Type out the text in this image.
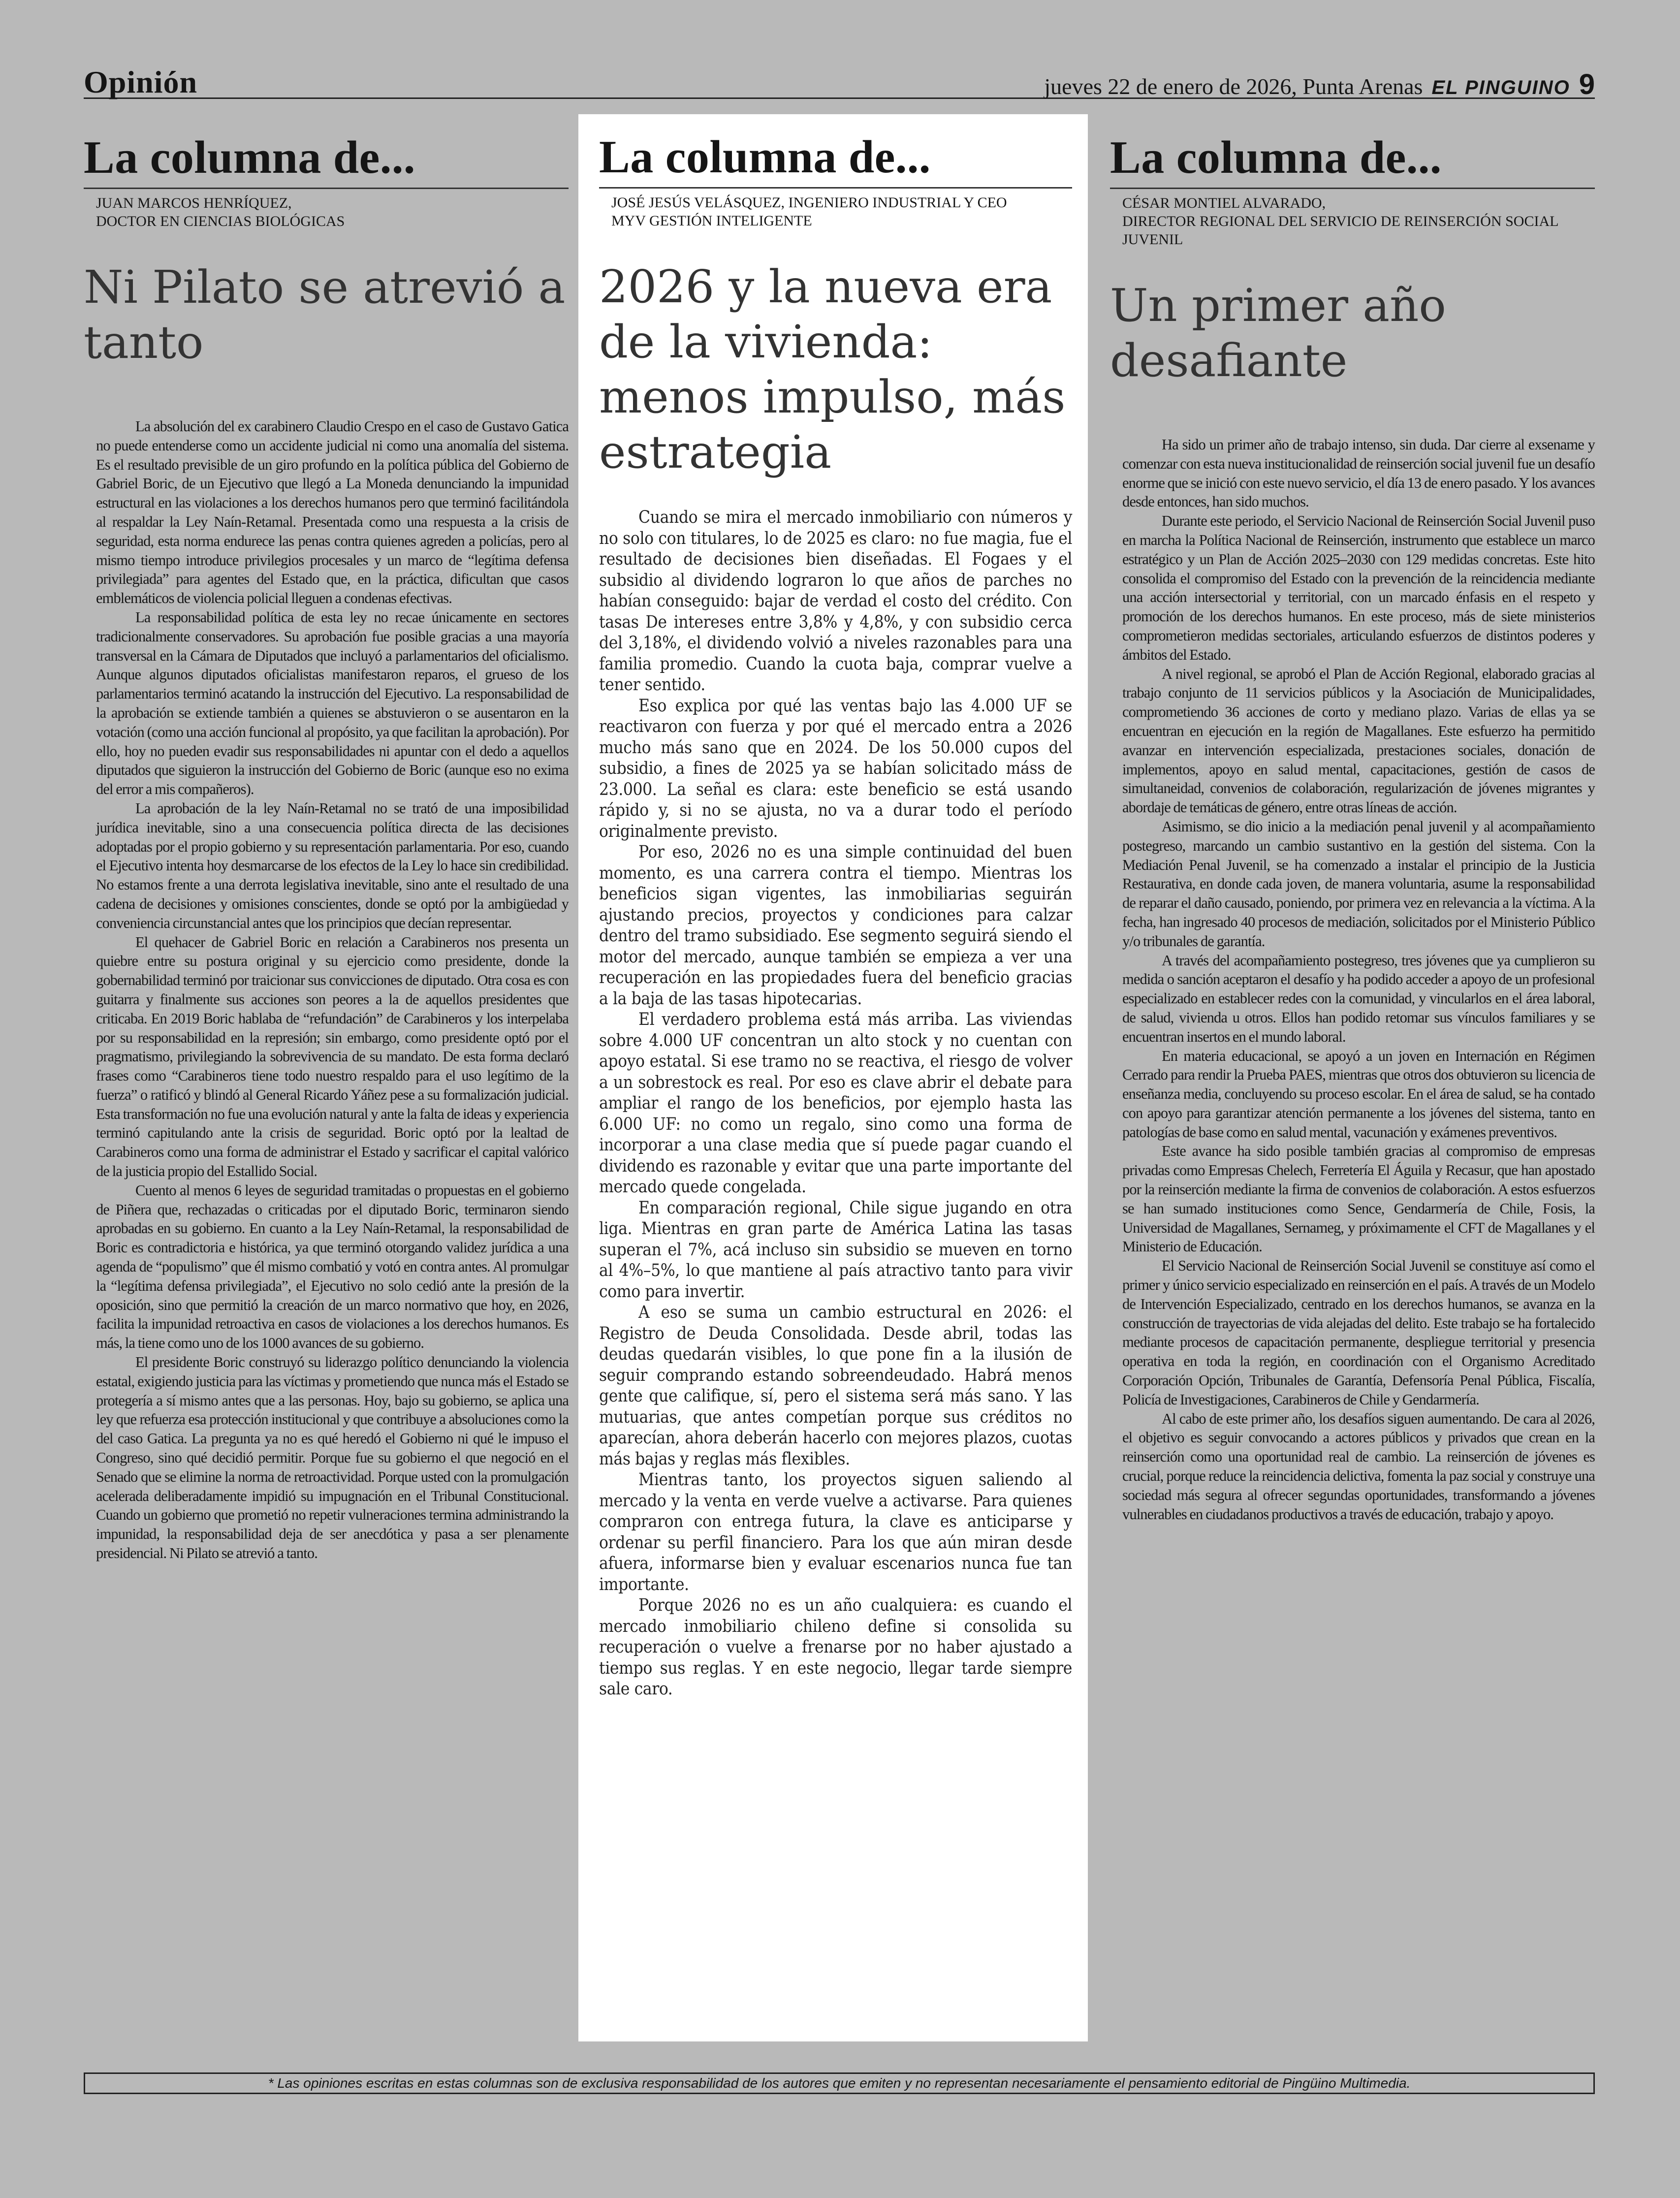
Opinión	jueves 22 de enero de 2026, Punta Arenas EL PINGUINO 9
La columna de...
JUAN MARCOS HENRÍQUEZ,
DOCTOR EN CIENCIAS BIOLÓGICAS
Ni Pilato se atrevió a tanto

La absolución del ex carabinero Claudio Crespo en el caso de Gustavo Gatica no puede entenderse como un accidente judicial ni como una anomalía del sistema. Es el resultado previsible de un giro profundo en la política pública del Gobierno de Gabriel Boric, de un Ejecutivo que llegó a La Moneda denunciando la impunidad estructural en las violaciones a los derechos humanos pero que terminó facilitándola al respaldar la Ley Naín-Retamal. Presentada como una respuesta a la crisis de seguridad, esta norma endurece las penas contra quienes agreden a policías, pero al mismo tiempo introduce privilegios procesales y un marco de “legítima defensa privilegiada” para agentes del Estado que, en la práctica, dificultan que casos emblemáticos de violencia policial lleguen a condenas efectivas.

La responsabilidad política de esta ley no recae únicamente en sectores tradicionalmente conservadores. Su aprobación fue posible gracias a una mayoría transversal en la Cámara de Diputados que incluyó a parlamentarios del oficialismo. Aunque algunos diputados oficialistas manifestaron reparos, el grueso de los parlamentarios terminó acatando la instrucción del Ejecutivo. La responsabilidad de la aprobación se extiende también a quienes se abstuvieron o se ausentaron en la votación (como una acción funcional al propósito, ya que facilitan la aprobación). Por ello, hoy no pueden evadir sus responsabilidades ni apuntar con el dedo a aquellos diputados que siguieron la instrucción del Gobierno de Boric (aunque eso no exima del error a mis compañeros).

La aprobación de la ley Naín-Retamal no se trató de una imposibilidad jurídica inevitable, sino a una consecuencia política directa de las decisiones adoptadas por el propio gobierno y su representación parlamentaria. Por eso, cuando el Ejecutivo intenta hoy desmarcarse de los efectos de la Ley lo hace sin credibilidad. No estamos frente a una derrota legislativa inevitable, sino ante el resultado de una cadena de decisiones y omisiones conscientes, donde se optó por la ambigüedad y conveniencia circunstancial antes que los principios que decían representar.

El quehacer de Gabriel Boric en relación a Carabineros nos presenta un quiebre entre su postura original y su ejercicio como presidente, donde la gobernabilidad terminó por traicionar sus convicciones de diputado. Otra cosa es con guitarra y finalmente sus acciones son peores a la de aquellos presidentes que criticaba. En 2019 Boric hablaba de “refundación” de Carabineros y los interpelaba por su responsabilidad en la represión; sin embargo, como presidente optó por el pragmatismo, privilegiando la sobrevivencia de su mandato. De esta forma declaró frases como “Carabineros tiene todo nuestro respaldo para el uso legítimo de la fuerza” o ratificó y blindó al General Ricardo Yáñez pese a su formalización judicial. Esta transformación no fue una evolución natural y ante la falta de ideas y experiencia terminó capitulando ante la crisis de seguridad. Boric optó por la lealtad de Carabineros como una forma de administrar el Estado y sacrificar el capital valórico de la justicia propio del Estallido Social.

Cuento al menos 6 leyes de seguridad tramitadas o propuestas en el gobierno de Piñera que, rechazadas o criticadas por el diputado Boric, terminaron siendo aprobadas en su gobierno. En cuanto a la Ley Naín-Retamal, la responsabilidad de Boric es contradictoria e histórica, ya que terminó otorgando validez jurídica a una agenda de “populismo” que él mismo combatió y votó en contra antes. Al promulgar la “legítima defensa privilegiada”, el Ejecutivo no solo cedió ante la presión de la oposición, sino que permitió la creación de un marco normativo que hoy, en 2026, facilita la impunidad retroactiva en casos de violaciones a los derechos humanos. Es más, la tiene como uno de los 1000 avances de su gobierno.

El presidente Boric construyó su liderazgo político denunciando la violencia estatal, exigiendo justicia para las víctimas y prometiendo que nunca más el Estado se protegería a sí mismo antes que a las personas. Hoy, bajo su gobierno, se aplica una ley que refuerza esa protección institucional y que contribuye a absoluciones como la del caso Gatica. La pregunta ya no es qué heredó el Gobierno ni qué le impuso el Congreso, sino qué decidió permitir. Porque fue su gobierno el que negoció en el Senado que se elimine la norma de retroactividad. Porque usted con la promulgación acelerada deliberadamente impidió su impugnación en el Tribunal Constitucional. Cuando un gobierno que prometió no repetir vulneraciones termina administrando la impunidad, la responsabilidad deja de ser anecdótica y pasa a ser plenamente presidencial. Ni Pilato se atrevió a tanto.

La columna de...
JOSÉ JESÚS VELÁSQUEZ, INGENIERO INDUSTRIAL Y CEO
MYV GESTIÓN INTELIGENTE
2026 y la nueva era de la vivienda: menos impulso, más estrategia

Cuando se mira el mercado inmobiliario con números y no solo con titulares, lo de 2025 es claro: no fue magia, fue el resultado de decisiones bien diseñadas. El Fogaes y el subsidio al dividendo lograron lo que años de parches no habían conseguido: bajar de verdad el costo del crédito. Con tasas De intereses entre 3,8% y 4,8%, y con subsidio cerca del 3,18%, el dividendo volvió a niveles razonables para una familia promedio. Cuando la cuota baja, comprar vuelve a tener sentido.

Eso explica por qué las ventas bajo las 4.000 UF se reactivaron con fuerza y por qué el mercado entra a 2026 mucho más sano que en 2024. De los 50.000 cupos del subsidio, a fines de 2025 ya se habían solicitado máss de 23.000. La señal es clara: este beneficio se está usando rápido y, si no se ajusta, no va a durar todo el período originalmente previsto.

Por eso, 2026 no es una simple continuidad del buen momento, es una carrera contra el tiempo. Mientras los beneficios sigan vigentes, las inmobiliarias seguirán ajustando precios, proyectos y condiciones para calzar dentro del tramo subsidiado. Ese segmento seguirá siendo el motor del mercado, aunque también se empieza a ver una recuperación en las propiedades fuera del beneficio gracias a la baja de las tasas hipotecarias.

El verdadero problema está más arriba. Las viviendas sobre 4.000 UF concentran un alto stock y no cuentan con apoyo estatal. Si ese tramo no se reactiva, el riesgo de volver a un sobrestock es real. Por eso es clave abrir el debate para ampliar el rango de los beneficios, por ejemplo hasta las 6.000 UF: no como un regalo, sino como una forma de incorporar a una clase media que sí puede pagar cuando el dividendo es razonable y evitar que una parte importante del mercado quede congelada.

En comparación regional, Chile sigue jugando en otra liga. Mientras en gran parte de América Latina las tasas superan el 7%, acá incluso sin subsidio se mueven en torno al 4%–5%, lo que mantiene al país atractivo tanto para vivir como para invertir.

A eso se suma un cambio estructural en 2026: el Registro de Deuda Consolidada. Desde abril, todas las deudas quedarán visibles, lo que pone fin a la ilusión de seguir comprando estando sobreendeudado. Habrá menos gente que califique, sí, pero el sistema será más sano. Y las mutuarias, que antes competían porque sus créditos no aparecían, ahora deberán hacerlo con mejores plazos, cuotas más bajas y reglas más flexibles.

Mientras tanto, los proyectos siguen saliendo al mercado y la venta en verde vuelve a activarse. Para quienes compraron con entrega futura, la clave es anticiparse y ordenar su perfil financiero. Para los que aún miran desde afuera, informarse bien y evaluar escenarios nunca fue tan importante.

Porque 2026 no es un año cualquiera: es cuando el mercado inmobiliario chileno define si consolida su recuperación o vuelve a frenarse por no haber ajustado a tiempo sus reglas. Y en este negocio, llegar tarde siempre sale caro.

La columna de...
CÉSAR MONTIEL ALVARADO,
DIRECTOR REGIONAL DEL SERVICIO DE REINSERCIÓN SOCIAL JUVENIL
Un primer año desafiante

Ha sido un primer año de trabajo intenso, sin duda. Dar cierre al exsename y comenzar con esta nueva institucionalidad de reinserción social juvenil fue un desafío enorme que se inició con este nuevo servicio, el día 13 de enero pasado. Y los avances desde entonces, han sido muchos.

Durante este periodo, el Servicio Nacional de Reinserción Social Juvenil puso en marcha la Política Nacional de Reinserción, instrumento que establece un marco estratégico y un Plan de Acción 2025–2030 con 129 medidas concretas. Este hito consolida el compromiso del Estado con la prevención de la reincidencia mediante una acción intersectorial y territorial, con un marcado énfasis en el respeto y promoción de los derechos humanos. En este proceso, más de siete ministerios comprometieron medidas sectoriales, articulando esfuerzos de distintos poderes y ámbitos del Estado.

A nivel regional, se aprobó el Plan de Acción Regional, elaborado gracias al trabajo conjunto de 11 servicios públicos y la Asociación de Municipalidades, comprometiendo 36 acciones de corto y mediano plazo. Varias de ellas ya se encuentran en ejecución en la región de Magallanes. Este esfuerzo ha permitido avanzar en intervención especializada, prestaciones sociales, donación de implementos, apoyo en salud mental, capacitaciones, gestión de casos de simultaneidad, convenios de colaboración, regularización de jóvenes migrantes y abordaje de temáticas de género, entre otras líneas de acción.

Asimismo, se dio inicio a la mediación penal juvenil y al acompañamiento postegreso, marcando un cambio sustantivo en la gestión del sistema. Con la Mediación Penal Juvenil, se ha comenzado a instalar el principio de la Justicia Restaurativa, en donde cada joven, de manera voluntaria, asume la responsabilidad de reparar el daño causado, poniendo, por primera vez en relevancia a la víctima. A la fecha, han ingresado 40 procesos de mediación, solicitados por el Ministerio Público y/o tribunales de garantía.

A través del acompañamiento postegreso, tres jóvenes que ya cumplieron su medida o sanción aceptaron el desafío y ha podido acceder a apoyo de un profesional especializado en establecer redes con la comunidad, y vincularlos en el área laboral, de salud, vivienda u otros. Ellos han podido retomar sus vínculos familiares y se encuentran insertos en el mundo laboral.

En materia educacional, se apoyó a un joven en Internación en Régimen Cerrado para rendir la Prueba PAES, mientras que otros dos obtuvieron su licencia de enseñanza media, concluyendo su proceso escolar. En el área de salud, se ha contado con apoyo para garantizar atención permanente a los jóvenes del sistema, tanto en patologías de base como en salud mental, vacunación y exámenes preventivos.

Este avance ha sido posible también gracias al compromiso de empresas privadas como Empresas Chelech, Ferretería El Águila y Recasur, que han apostado por la reinserción mediante la firma de convenios de colaboración. A estos esfuerzos se han sumado instituciones como Sence, Gendarmería de Chile, Fosis, la Universidad de Magallanes, Sernameg, y próximamente el CFT de Magallanes y el Ministerio de Educación.

El Servicio Nacional de Reinserción Social Juvenil se constituye así como el primer y único servicio especializado en reinserción en el país. A través de un Modelo de Intervención Especializado, centrado en los derechos humanos, se avanza en la construcción de trayectorias de vida alejadas del delito. Este trabajo se ha fortalecido mediante procesos de capacitación permanente, despliegue territorial y presencia operativa en toda la región, en coordinación con el Organismo Acreditado Corporación Opción, Tribunales de Garantía, Defensoría Penal Pública, Fiscalía, Policía de Investigaciones, Carabineros de Chile y Gendarmería.

Al cabo de este primer año, los desafíos siguen aumentando. De cara al 2026, el objetivo es seguir convocando a actores públicos y privados que crean en la reinserción como una oportunidad real de cambio. La reinserción de jóvenes es crucial, porque reduce la reincidencia delictiva, fomenta la paz social y construye una sociedad más segura al ofrecer segundas oportunidades, transformando a jóvenes vulnerables en ciudadanos productivos a través de educación, trabajo y apoyo.

* Las opiniones escritas en estas columnas son de exclusiva responsabilidad de los autores que emiten y no representan necesariamente el pensamiento editorial de Pingüino Multimedia.
